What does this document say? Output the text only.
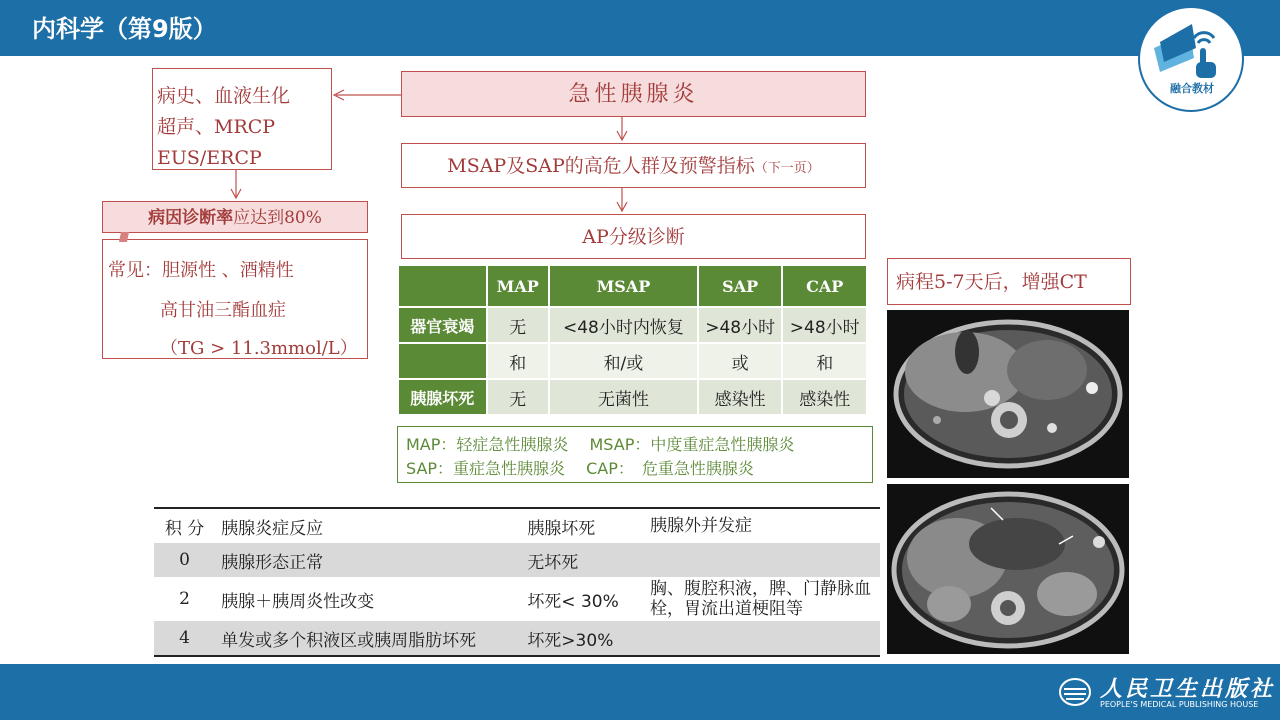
内科学（第9版）
融合教材
病史、血液生化
超声、MRCP
EUS/ERCP
急性胰腺炎
MSAP及SAP的高危人群及预警指标（下一页）
AP分级诊断
病因诊断率应达到80%
常见：胆源性 、酒精性
高甘油三酯血症
（TG > 11.3mmol/L）
	MAP	MSAP	SAP	CAP
器官衰竭	无	<48小时内恢复	>48小时	>48小时
	和	和/或	或	和
胰腺坏死	无	无菌性	感染性	感染性
MAP：轻症急性胰腺炎　 MSAP：中度重症急性胰腺炎
SAP：重症急性胰腺炎 　CAP：　危重急性胰腺炎
病程5-7天后，增强CT
积 分	胰腺炎症反应	胰腺坏死	胰腺外并发症
0	胰腺形态正常	无坏死	
2	胰腺＋胰周炎性改变	坏死< 30%	胸、腹腔积液，脾、门静脉血栓，胃流出道梗阻等
4	单发或多个积液区或胰周脂肪坏死	坏死>30%	
人民卫生出版社
PEOPLE'S MEDICAL PUBLISHING HOUSE
